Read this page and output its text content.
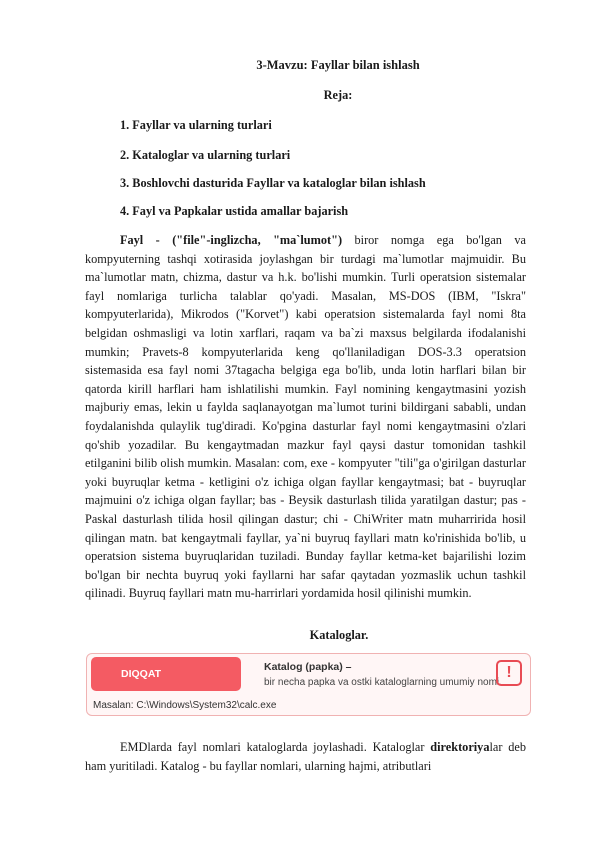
3-Mavzu: Fayllar bilan ishlash
Reja:
1. Fayllar va ularning turlari
2. Kataloglar va ularning turlari
3. Boshlovchi dasturida Fayllar va kataloglar bilan ishlash
4. Fayl va Papkalar ustida amallar bajarish

Fayl - ("file"-inglizcha, "ma`lumot") biror nomga ega bo'lgan va kompyuterning tashqi xotirasida joylashgan bir turdagi ma`lumotlar majmuidir. Bu ma`lumotlar matn, chizma, dastur va h.k. bo'lishi mumkin. Turli operatsion sistemalar fayl nomlariga turlicha talablar qo'yadi. Masalan, MS-DOS (IBM, "Iskra" kompyuterlarida), Mikrodos ("Korvet") kabi operatsion sistemalarda fayl nomi 8ta belgidan oshmasligi va lotin xarflari, raqam va ba`zi maxsus belgilarda ifodalanishi mumkin; Pravets-8 kompyuterlarida keng qo'llaniladigan DOS-3.3 operatsion sistemasida esa fayl nomi 37tagacha belgiga ega bo'lib, unda lotin harflari bilan bir qatorda kirill harflari ham ishlatilishi mumkin. Fayl nomining kengaytmasini yozish majburiy emas, lekin u faylda saqlanayotgan ma`lumot turini bildirgani sababli, undan foydalanishda qulaylik tug'diradi. Ko'pgina dasturlar fayl nomi kengaytmasini o'zlari qo'shib yozadilar. Bu kengaytmadan mazkur fayl qaysi dastur tomonidan tashkil etilganini bilib olish mumkin. Masalan: com, exe - kompyuter "tili"ga o'girilgan dasturlar yoki buyruqlar ketma - ketligini o'z ichiga olgan fayllar kengaytmasi; bat - buyruqlar majmuini o'z ichiga olgan fayllar; bas - Beysik dasturlash tilida yaratilgan dastur; pas - Paskal dasturlash tilida hosil qilingan dastur; chi - ChiWriter matn muharririda hosil qilingan matn. bat kengaytmali fayllar, ya`ni buyruq fayllari matn ko'rinishida bo'lib, u operatsion sistema buyruqlaridan tuziladi. Bunday fayllar ketma-ket bajarilishi lozim bo'lgan bir nechta buyruq yoki fayllarni har safar qaytadan yozmaslik uchun tashkil qilinadi. Buyruq fayllari matn mu-harrirlari yordamida hosil qilinishi mumkin.

Kataloglar.
DIQQAT
Katalog (papka) –
bir necha papka va ostki kataloglarning umumiy nomi.
!
Masalan: C:\Windows\System32\calc.exe

EMDlarda fayl nomlari kataloglarda joylashadi. Kataloglar direktoriyalar deb ham yuritiladi. Katalog - bu fayllar nomlari, ularning hajmi, atributlari
